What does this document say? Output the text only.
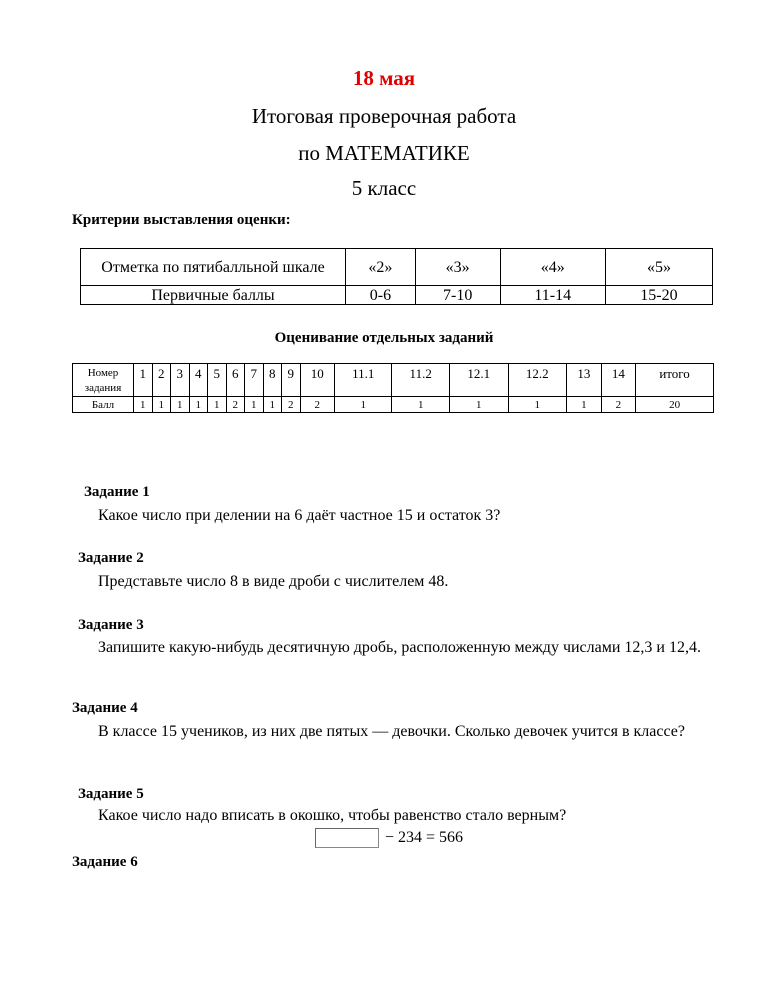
18 мая
Итоговая проверочная работа
по МАТЕМАТИКЕ
5 класс
Критерии выставления оценки:
Отметка по пятибалльной шкале	«2»	«3»	«4»	«5»
Первичные баллы	0-6	7-10	11-14	15-20
Оценивание отдельных заданий
Номер задания	1	2	3	4	5	6	7	8	9	10	11.1	11.2	12.1	12.2	13	14	итого
Балл	1	1	1	1	1	2	1	1	2	2	1	1	1	1	1	2	20
Задание 1
Какое число при делении на 6 даёт частное 15 и остаток 3?
Задание 2
Представьте число 8 в виде дроби с числителем 48.
Задание 3
Запишите какую-нибудь десятичную дробь, расположенную между числами 12,3 и 12,4.
Задание 4
В классе 15 учеников, из них две пятых — девочки. Сколько девочек учится в классе?
Задание 5
Какое число надо вписать в окошко, чтобы равенство стало верным?
− 234 = 566
Задание 6
